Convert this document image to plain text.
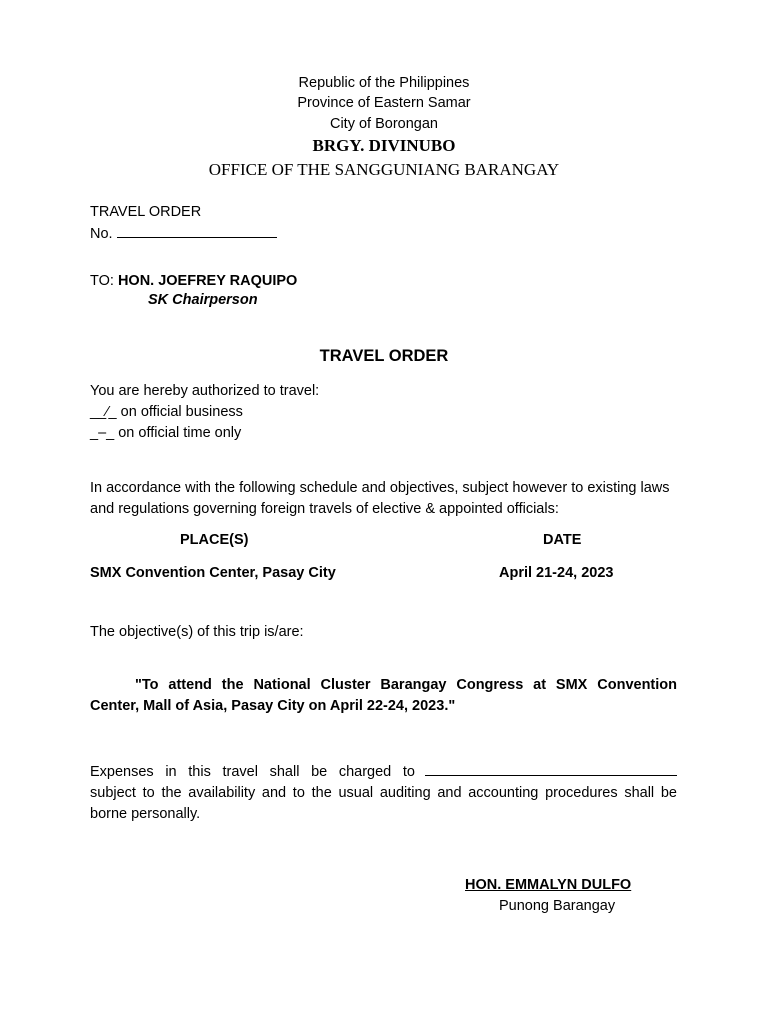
Republic of the Philippines
Province of Eastern Samar
City of Borongan
BRGY. DIVINUBO
OFFICE OF THE SANGGUNIANG BARANGAY
TRAVEL ORDER
No.
TO: HON. JOEFREY RAQUIPO
SK Chairperson
TRAVEL ORDER
You are hereby authorized to travel:
__⁄_ on official business
_–_ on official time only
In accordance with the following schedule and objectives, subject however to existing laws and regulations governing foreign travels of elective & appointed officials:
PLACE(S)	DATE
SMX Convention Center, Pasay City	April 21-24, 2023
The objective(s) of this trip is/are:
"To attend the National Cluster Barangay Congress at SMX Convention Center, Mall of Asia, Pasay City on April 22-24, 2023."
Expenses in this travel shall be charged to
subject to the availability and to the usual auditing and accounting procedures shall be borne personally.
HON. EMMALYN DULFO
Punong Barangay
